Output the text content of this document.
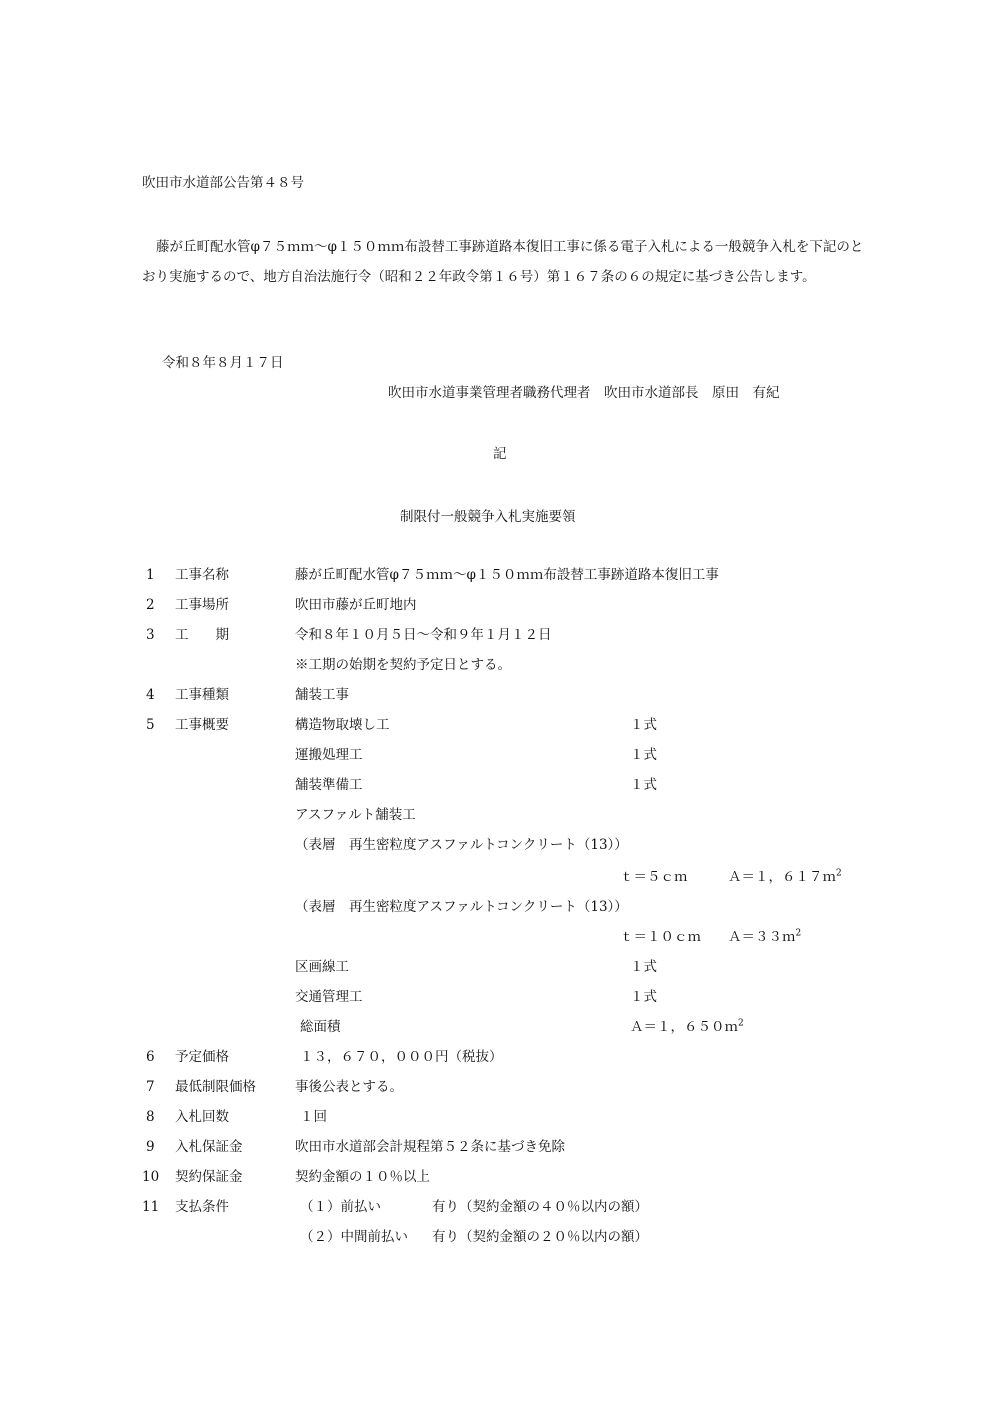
吹田市水道部公告第４８号
藤が丘町配水管φ７５ｍｍ〜φ１５０ｍｍ布設替工事跡道路本復旧工事に係る電子入札による一般競争入札を下記のとおり実施するので、地方自治法施行令（昭和２２年政令第１６号）第１６７条の６の規定に基づき公告します。
令和８年８月１７日
吹田市水道事業管理者職務代理者　吹田市水道部長　原田　有紀
記
制限付一般競争入札実施要領
1 工事名称	藤が丘町配水管φ７５ｍｍ〜φ１５０ｍｍ布設替工事跡道路本復旧工事
2 工事場所	吹田市藤が丘町地内
3 工　　期	令和８年１０月５日〜令和９年１月１２日
※工期の始期を契約予定日とする。
4 工事種類	舗装工事
5 工事概要	構造物取壊し工	１式
運搬処理工	１式
舗装準備工	１式
アスファルト舗装工
（表層　再生密粒度アスファルトコンクリート（13））
ｔ＝５ｃｍ	Ａ＝１，６１７ｍ$^2$
（表層　再生密粒度アスファルトコンクリート（13））
ｔ＝１０ｃｍ Ａ＝３３ｍ$^2$
区画線工	１式
交通管理工	１式
総面積	Ａ＝１，６５０ｍ$^2$
6 予定価格	１３，６７０，０００円（税抜）
7 最低制限価格	事後公表とする。
8 入札回数	１回
9 入札保証金	吹田市水道部会計規程第５２条に基づき免除
10 契約保証金	契約金額の１０％以上
11 支払条件	（１）前払い	有り（契約金額の４０％以内の額）
（２）中間前払い 有り（契約金額の２０％以内の額）
